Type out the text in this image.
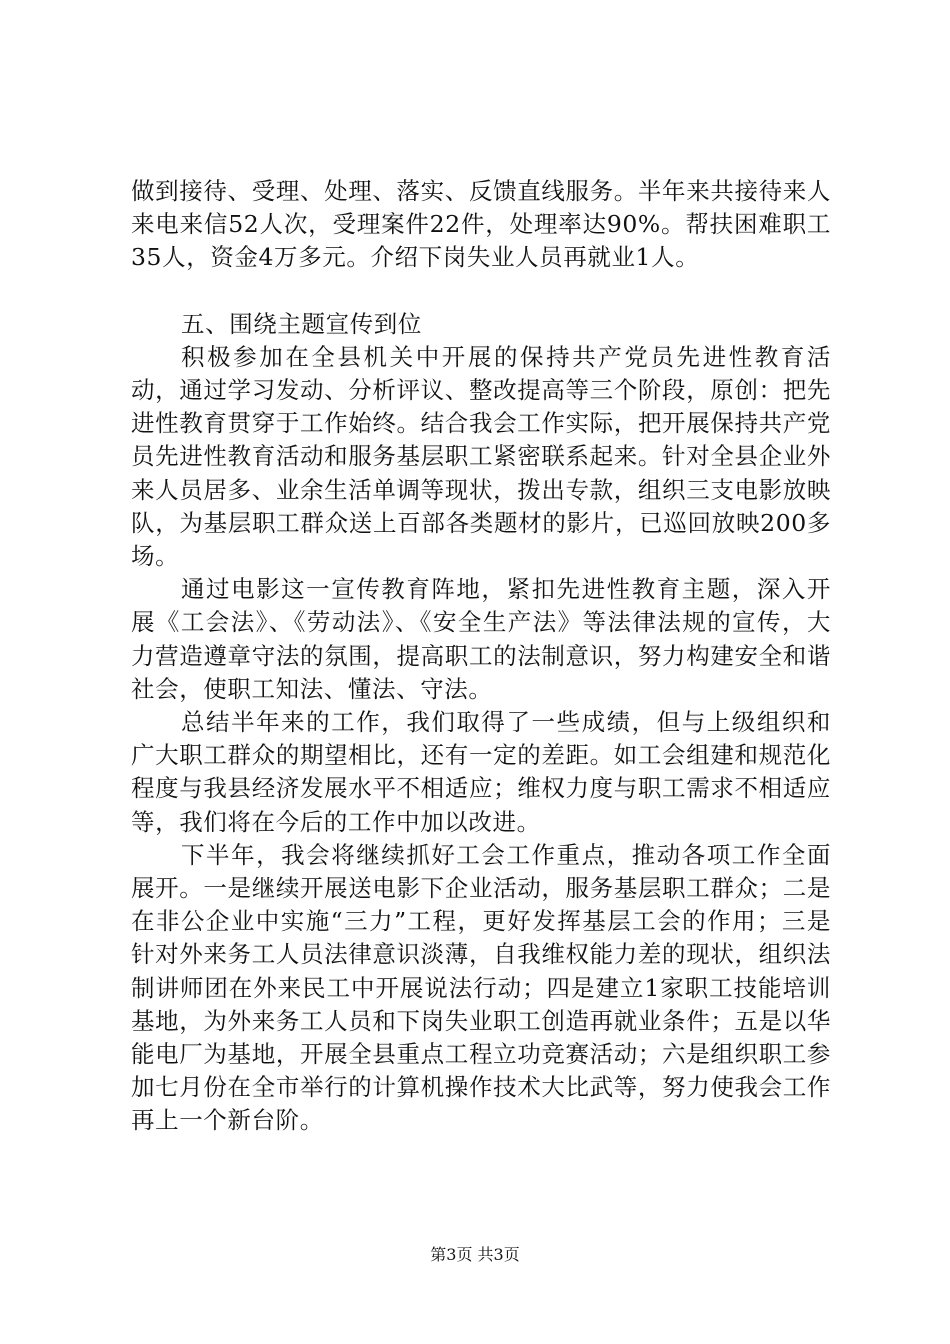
做到接待、受理、处理、落实、反馈直线服务。半年来共接待来人来电来信52人次，受理案件22件，处理率达90%。帮扶困难职工35人，资金4万多元。介绍下岗失业人员再就业1人。

五、围绕主题宣传到位

积极参加在全县机关中开展的保持共产党员先进性教育活动，通过学习发动、分析评议、整改提高等三个阶段，原创：把先进性教育贯穿于工作始终。结合我会工作实际，把开展保持共产党员先进性教育活动和服务基层职工紧密联系起来。针对全县企业外来人员居多、业余生活单调等现状，拨出专款，组织三支电影放映队，为基层职工群众送上百部各类题材的影片，已巡回放映200多场。

通过电影这一宣传教育阵地，紧扣先进性教育主题，深入开展《工会法》、《劳动法》、《安全生产法》等法律法规的宣传，大力营造遵章守法的氛围，提高职工的法制意识，努力构建安全和谐社会，使职工知法、懂法、守法。

总结半年来的工作，我们取得了一些成绩，但与上级组织和广大职工群众的期望相比，还有一定的差距。如工会组建和规范化程度与我县经济发展水平不相适应；维权力度与职工需求不相适应等，我们将在今后的工作中加以改进。

下半年，我会将继续抓好工会工作重点，推动各项工作全面展开。一是继续开展送电影下企业活动，服务基层职工群众；二是在非公企业中实施“三力”工程，更好发挥基层工会的作用；三是针对外来务工人员法律意识淡薄，自我维权能力差的现状，组织法制讲师团在外来民工中开展说法行动；四是建立1家职工技能培训基地，为外来务工人员和下岗失业职工创造再就业条件；五是以华能电厂为基地，开展全县重点工程立功竞赛活动；六是组织职工参加七月份在全市举行的计算机操作技术大比武等，努力使我会工作再上一个新台阶。

第3页 共3页
